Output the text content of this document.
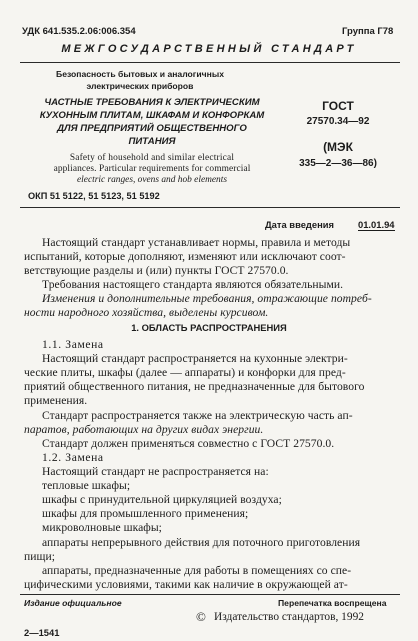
УДК 641.535.2.06:006.354	Группа Г78
МЕЖГОСУДАРСТВЕННЫЙ СТАНДАРТ
Безопасность бытовых и аналогичных
электрических приборов
ЧАСТНЫЕ ТРЕБОВАНИЯ К ЭЛЕКТРИЧЕСКИМ
КУХОННЫМ ПЛИТАМ, ШКАФАМ И КОНФОРКАМ
ДЛЯ ПРЕДПРИЯТИЙ ОБЩЕСТВЕННОГО
ПИТАНИЯ
Safety of household and similar electrical
appliances. Particular requirements for commercial
electric ranges, ovens and hob elements
ГОСТ
27570.34—92
(МЭК
335—2—36—86)
ОКП 51 5122, 51 5123, 51 5192
Дата введения	01.01.94
Настоящий стандарт устанавливает нормы, правила и методы
испытаний, которые дополняют, изменяют или исключают соот-
ветствующие разделы и (или) пункты ГОСТ 27570.0.
Требования настоящего стандарта являются обязательными.
Изменения и дополнительные требования, отражающие потреб-
ности народного хозяйства, выделены курсивом.
1. ОБЛАСТЬ РАСПРОСТРАНЕНИЯ
1.1. Замена
Настоящий стандарт распространяется на кухонные электри-
ческие плиты, шкафы (далее — аппараты) и конфорки для пред-
приятий общественного питания, не предназначенные для бытового
применения.
Стандарт распространяется также на электрическую часть ап-
паратов, работающих на других видах энергии.
Стандарт должен применяться совместно с ГОСТ 27570.0.
1.2. Замена
Настоящий стандарт не распространяется на:
тепловые шкафы;
шкафы с принудительной циркуляцией воздуха;
шкафы для промышленного применения;
микроволновые шкафы;
аппараты непрерывного действия для поточного приготовления
пищи;
аппараты, предназначенные для работы в помещениях со спе-
цифическими условиями, такими как наличие в окружающей ат-
Издание официальное	Перепечатка воспрещена
© Издательство стандартов, 1992
2—1541
